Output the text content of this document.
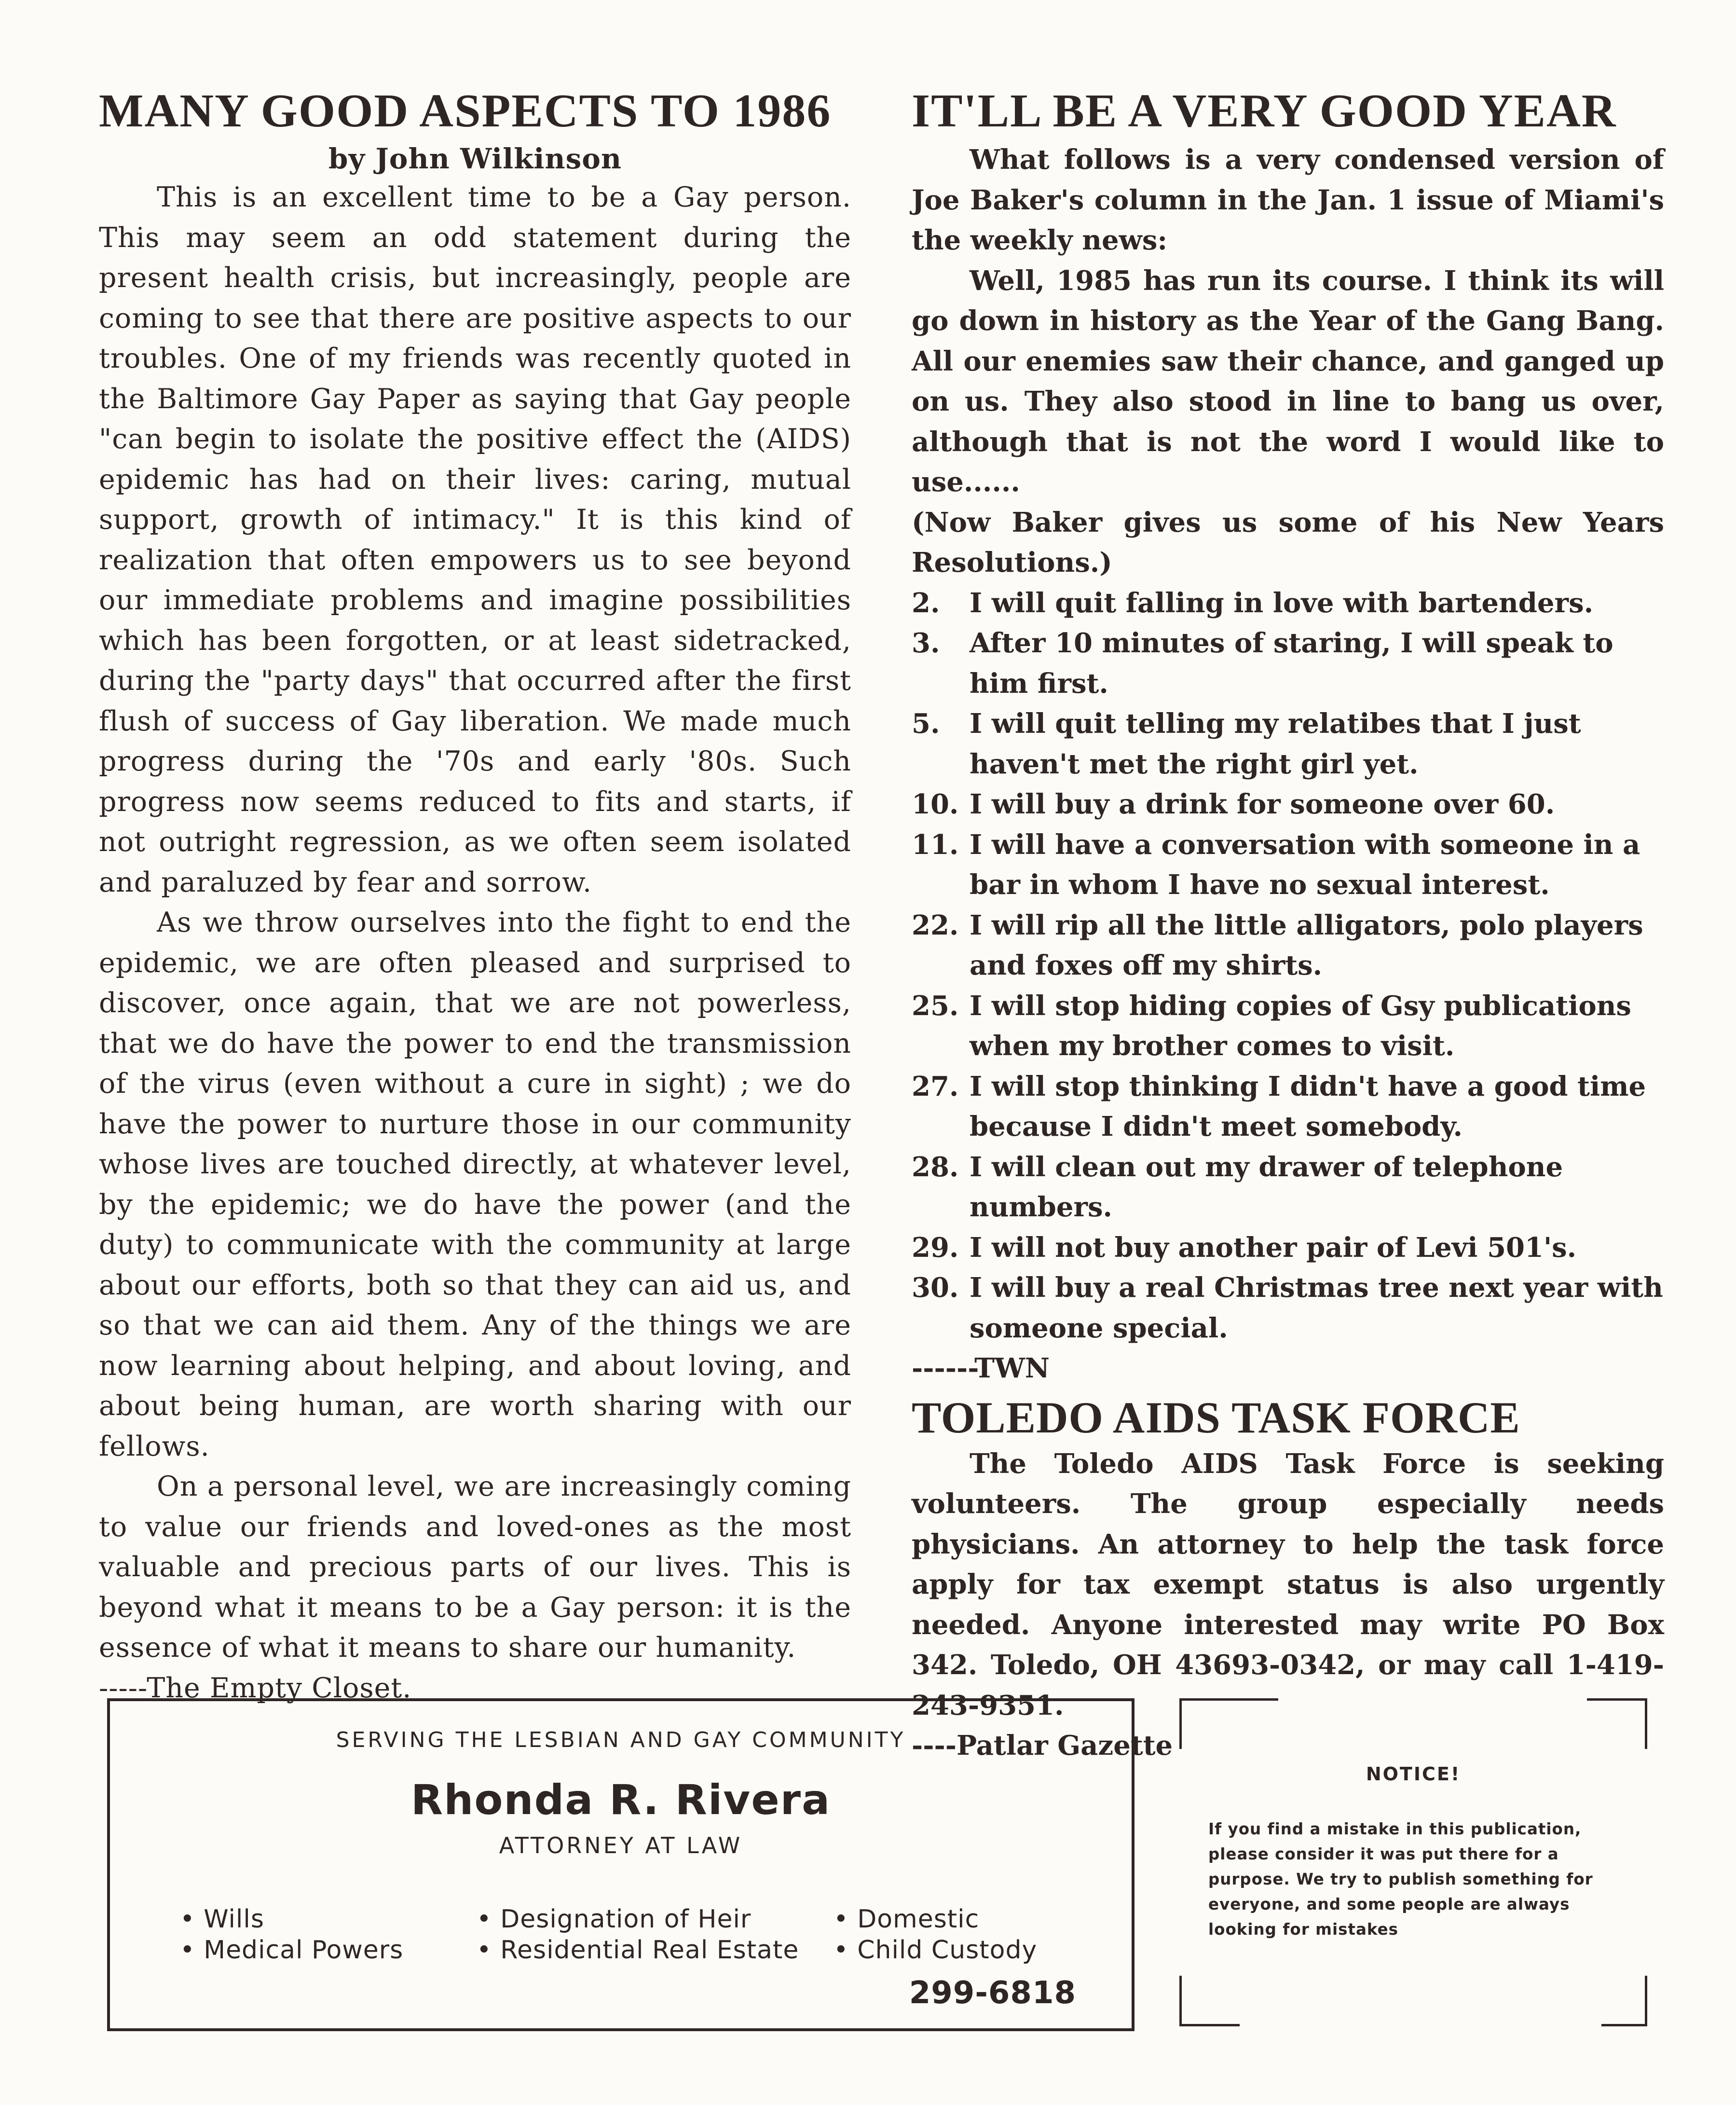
MANY GOOD ASPECTS TO 1986
by John Wilkinson

This is an excellent time to be a Gay person. This may seem an odd statement during the present health crisis, but increasingly, people are coming to see that there are positive aspects to our troubles. One of my friends was recently quoted in the Baltimore Gay Paper as saying that Gay people "can begin to isolate the positive effect the (AIDS) epidemic has had on their lives: caring, mutual support, growth of intimacy." It is this kind of realization that often empowers us to see beyond our immediate problems and imagine possibilities which has been forgotten, or at least sidetracked, during the "party days" that occurred after the first flush of success of Gay liberation. We made much progress during the '70s and early '80s. Such progress now seems reduced to fits and starts, if not outright regression, as we often seem isolated and paraluzed by fear and sorrow.

As we throw ourselves into the fight to end the epidemic, we are often pleased and surprised to discover, once again, that we are not powerless, that we do have the power to end the transmission of the virus (even without a cure in sight) ; we do have the power to nurture those in our community whose lives are touched directly, at whatever level, by the epidemic; we do have the power (and the duty) to communicate with the community at large about our efforts, both so that they can aid us, and so that we can aid them. Any of the things we are now learning about helping, and about loving, and about being human, are worth sharing with our fellows.

On a personal level, we are increasingly coming to value our friends and loved-ones as the most valuable and precious parts of our lives. This is beyond what it means to be a Gay person: it is the essence of what it means to share our humanity.

-----The Empty Closet.
IT'LL BE A VERY GOOD YEAR

What follows is a very condensed version of Joe Baker's column in the Jan. 1 issue of Miami's the weekly news:

Well, 1985 has run its course. I think its will go down in history as the Year of the Gang Bang. All our enemies saw their chance, and ganged up on us. They also stood in line to bang us over, although that is not the word I would like to use......

(Now Baker gives us some of his New Years Resolutions.)

2.	I will quit falling in love with bartenders.
3.	After 10 minutes of staring, I will speak to him first.
5.	I will quit telling my relatibes that I just haven't met the right girl yet.
10. I will buy a drink for someone over 60.
11. I will have a conversation with someone in a bar in whom I have no sexual interest.
22. I will rip all the little alligators, polo players and foxes off my shirts.
25. I will stop hiding copies of Gsy publications when my brother comes to visit.
27. I will stop thinking I didn't have a good time because I didn't meet somebody.
28. I will clean out my drawer of telephone numbers.
29. I will not buy another pair of Levi 501's.
30. I will buy a real Christmas tree next year with someone special.
------TWN
TOLEDO AIDS TASK FORCE

The Toledo AIDS Task Force is seeking volunteers. The group especially needs physicians. An attorney to help the task force apply for tax exempt status is also urgently needed. Anyone interested may write PO Box 342. Toledo, OH 43693-0342, or may call 1-419-243-9351.

----Patlar Gazette
SERVING THE LESBIAN AND GAY COMMUNITY
Rhonda R. Rivera
ATTORNEY AT LAW
• Wills
• Medical Powers
• Designation of Heir
• Residential Real Estate
• Domestic
• Child Custody
299-6818
NOTICE!
If you find a mistake in this publication, please consider it was put there for a purpose. We try to publish something for everyone, and some people are always looking for mistakes
